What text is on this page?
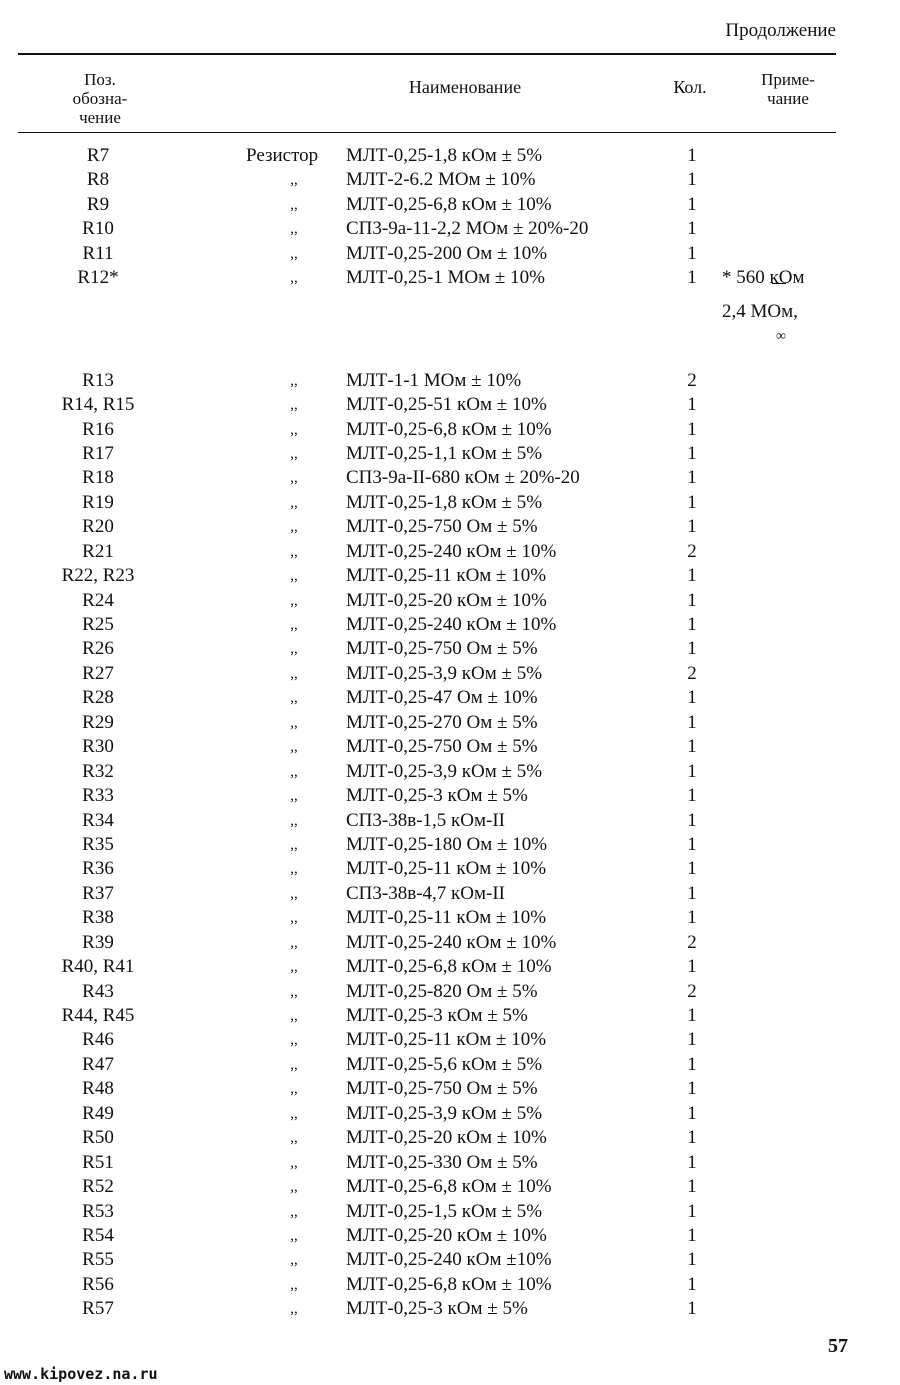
Продолжение
Поз.
обозна-
чение
Наименование	Кол.	Приме-
чание
R7	Резистор МЛТ-0,25-1,8 кОм ± 5%	1
R8	,,	МЛТ-2-6.2 МОм ± 10%	1
R9	,,	МЛТ-0,25-6,8 кОм ± 10%	1
R10	,,	СП3-9а-11-2,2 МОм ± 20%-20	1
R11	,,	МЛТ-0,25-200 Ом ± 10%	1
R12*	,,	МЛТ-0,25-1 МОм ± 10%	1	* 560 кОм
2,4 МОм,
∞
R13	,,	МЛТ-1-1 МОм ± 10%	2
R14, R15	,,	МЛТ-0,25-51 кОм ± 10%	1
R16	,,	МЛТ-0,25-6,8 кОм ± 10%	1
R17	,,	МЛТ-0,25-1,1 кОм ± 5%	1
R18	,,	СП3-9а-II-680 кОм ± 20%-20	1
R19	,,	МЛТ-0,25-1,8 кОм ± 5%	1
R20	,,	МЛТ-0,25-750 Ом ± 5%	1
R21	,,	МЛТ-0,25-240 кОм ± 10%	2
R22, R23	,,	МЛТ-0,25-11 кОм ± 10%	1
R24	,,	МЛТ-0,25-20 кОм ± 10%	1
R25	,,	МЛТ-0,25-240 кОм ± 10%	1
R26	,,	МЛТ-0,25-750 Ом ± 5%	1
R27	,,	МЛТ-0,25-3,9 кОм ± 5%	2
R28	,,	МЛТ-0,25-47 Ом ± 10%	1
R29	,,	МЛТ-0,25-270 Ом ± 5%	1
R30	,,	МЛТ-0,25-750 Ом ± 5%	1
R32	,,	МЛТ-0,25-3,9 кОм ± 5%	1
R33	,,	МЛТ-0,25-3 кОм ± 5%	1
R34	,,	СП3-38в-1,5 кОм-II	1
R35	,,	МЛТ-0,25-180 Ом ± 10%	1
R36	,,	МЛТ-0,25-11 кОм ± 10%	1
R37	,,	СП3-38в-4,7 кОм-II	1
R38	,,	МЛТ-0,25-11 кОм ± 10%	1
R39	,,	МЛТ-0,25-240 кОм ± 10%	2
R40, R41	,,	МЛТ-0,25-6,8 кОм ± 10%	1
R43	,,	МЛТ-0,25-820 Ом ± 5%	2
R44, R45	,,	МЛТ-0,25-3 кОм ± 5%	1
R46	,,	МЛТ-0,25-11 кОм ± 10%	1
R47	,,	МЛТ-0,25-5,6 кОм ± 5%	1
R48	,,	МЛТ-0,25-750 Ом ± 5%	1
R49	,,	МЛТ-0,25-3,9 кОм ± 5%	1
R50	,,	МЛТ-0,25-20 кОм ± 10%	1
R51	,,	МЛТ-0,25-330 Ом ± 5%	1
R52	,,	МЛТ-0,25-6,8 кОм ± 10%	1
R53	,,	МЛТ-0,25-1,5 кОм ± 5%	1
R54	,,	МЛТ-0,25-20 кОм ± 10%	1
R55	,,	МЛТ-0,25-240 кОм ±10%	1
R56	,,	МЛТ-0,25-6,8 кОм ± 10%	1
R57	,,	МЛТ-0,25-3 кОм ± 5%	1
57
www.kipovez.na.ru
